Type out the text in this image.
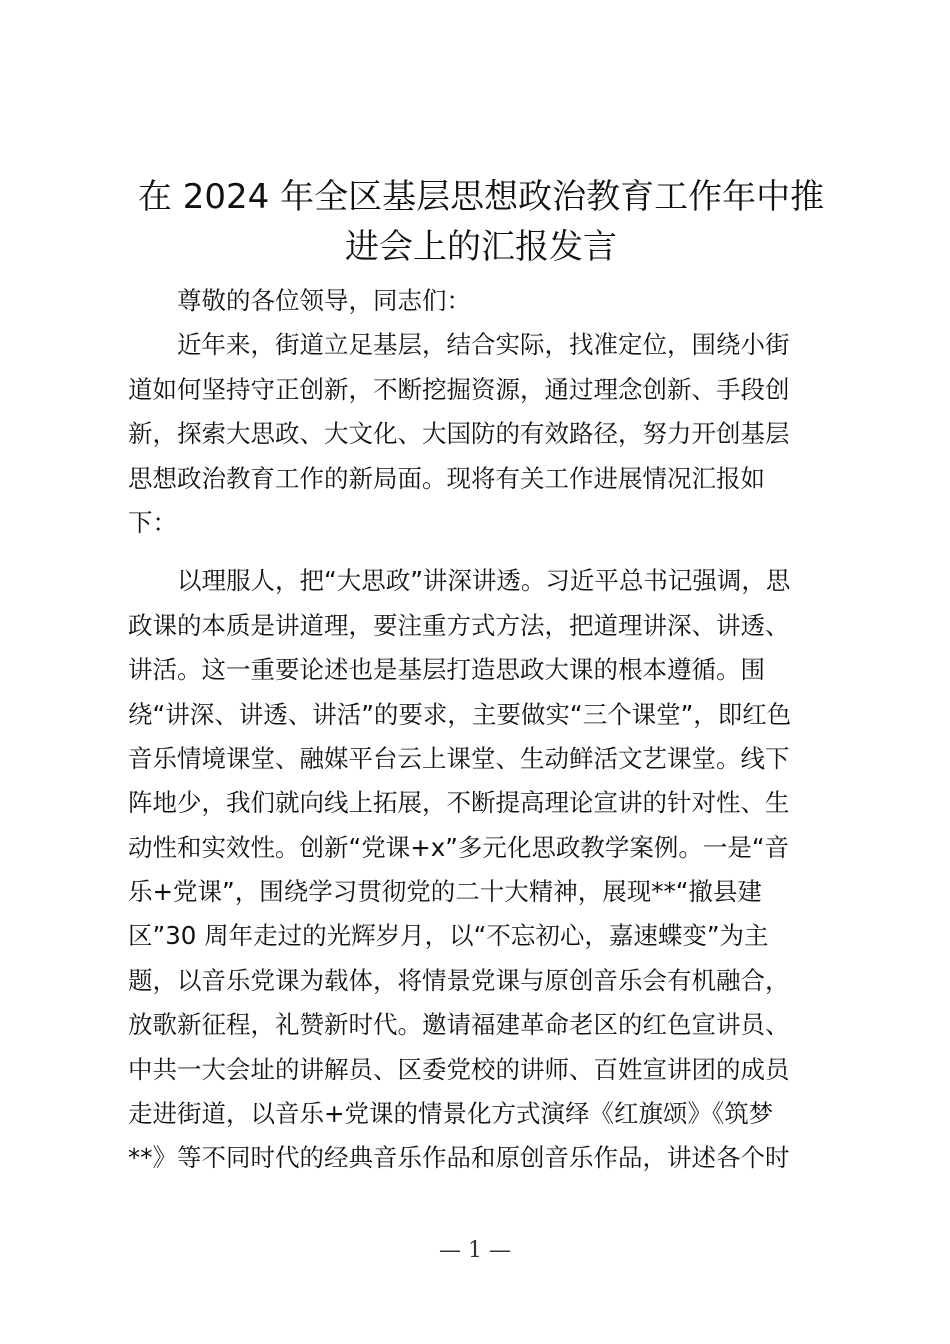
在 2024 年全区基层思想政治教育工作年中推
进会上的汇报发言
尊敬的各位领导，同志们：
近年来，街道立足基层，结合实际，找准定位，围绕小街
道如何坚持守正创新，不断挖掘资源，通过理念创新、手段创
新，探索大思政、大文化、大国防的有效路径，努力开创基层
思想政治教育工作的新局面。现将有关工作进展情况汇报如
下：
以理服人，把“大思政”讲深讲透。习近平总书记强调，思
政课的本质是讲道理，要注重方式方法，把道理讲深、讲透、
讲活。这一重要论述也是基层打造思政大课的根本遵循。围
绕“讲深、讲透、讲活”的要求，主要做实“三个课堂”，即红色
音乐情境课堂、融媒平台云上课堂、生动鲜活文艺课堂。线下
阵地少，我们就向线上拓展，不断提高理论宣讲的针对性、生
动性和实效性。创新“党课+x”多元化思政教学案例。一是“音
乐+党课”，围绕学习贯彻党的二十大精神，展现**“撤县建
区”30 周年走过的光辉岁月，以“不忘初心，嘉速蝶变”为主
题，以音乐党课为载体，将情景党课与原创音乐会有机融合，
放歌新征程，礼赞新时代。邀请福建革命老区的红色宣讲员、
中共一大会址的讲解员、区委党校的讲师、百姓宣讲团的成员
走进街道，以音乐+党课的情景化方式演绎《红旗颂》《筑梦
**》等不同时代的经典音乐作品和原创音乐作品，讲述各个时
— 1 —
